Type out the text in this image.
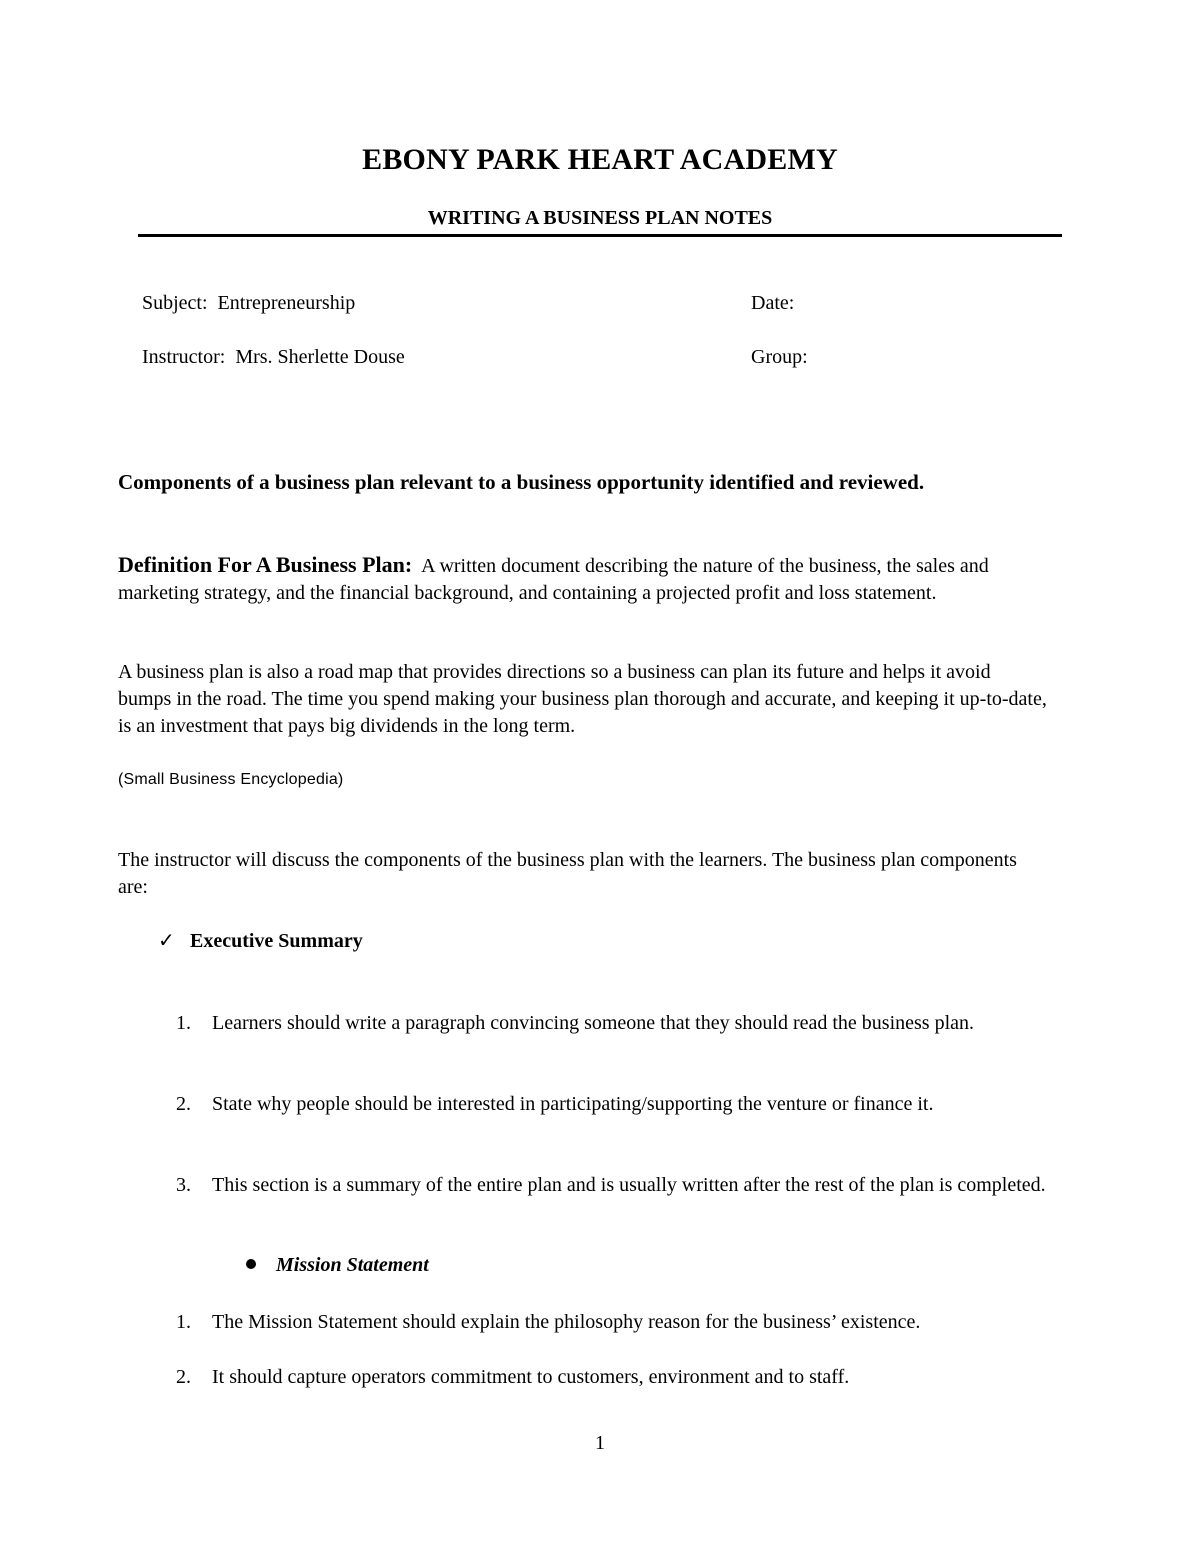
EBONY PARK HEART ACADEMY
WRITING A BUSINESS PLAN NOTES
Subject: Entrepreneurship	Date:
Instructor: Mrs. Sherlette Douse	Group:
Components of a business plan relevant to a business opportunity identified and reviewed.
Definition For A Business Plan: A written document describing the nature of the business, the sales and marketing strategy, and the financial background, and containing a projected profit and loss statement.
A business plan is also a road map that provides directions so a business can plan its future and helps it avoid bumps in the road. The time you spend making your business plan thorough and accurate, and keeping it up-to-date, is an investment that pays big dividends in the long term.
(Small Business Encyclopedia)
The instructor will discuss the components of the business plan with the learners. The business plan components are:
✓ Executive Summary
1.	Learners should write a paragraph convincing someone that they should read the business plan.
2.	State why people should be interested in participating/supporting the venture or finance it.
3.	This section is a summary of the entire plan and is usually written after the rest of the plan is completed.
Mission Statement
1.	The Mission Statement should explain the philosophy reason for the business’ existence.
2.	It should capture operators commitment to customers, environment and to staff.
1
